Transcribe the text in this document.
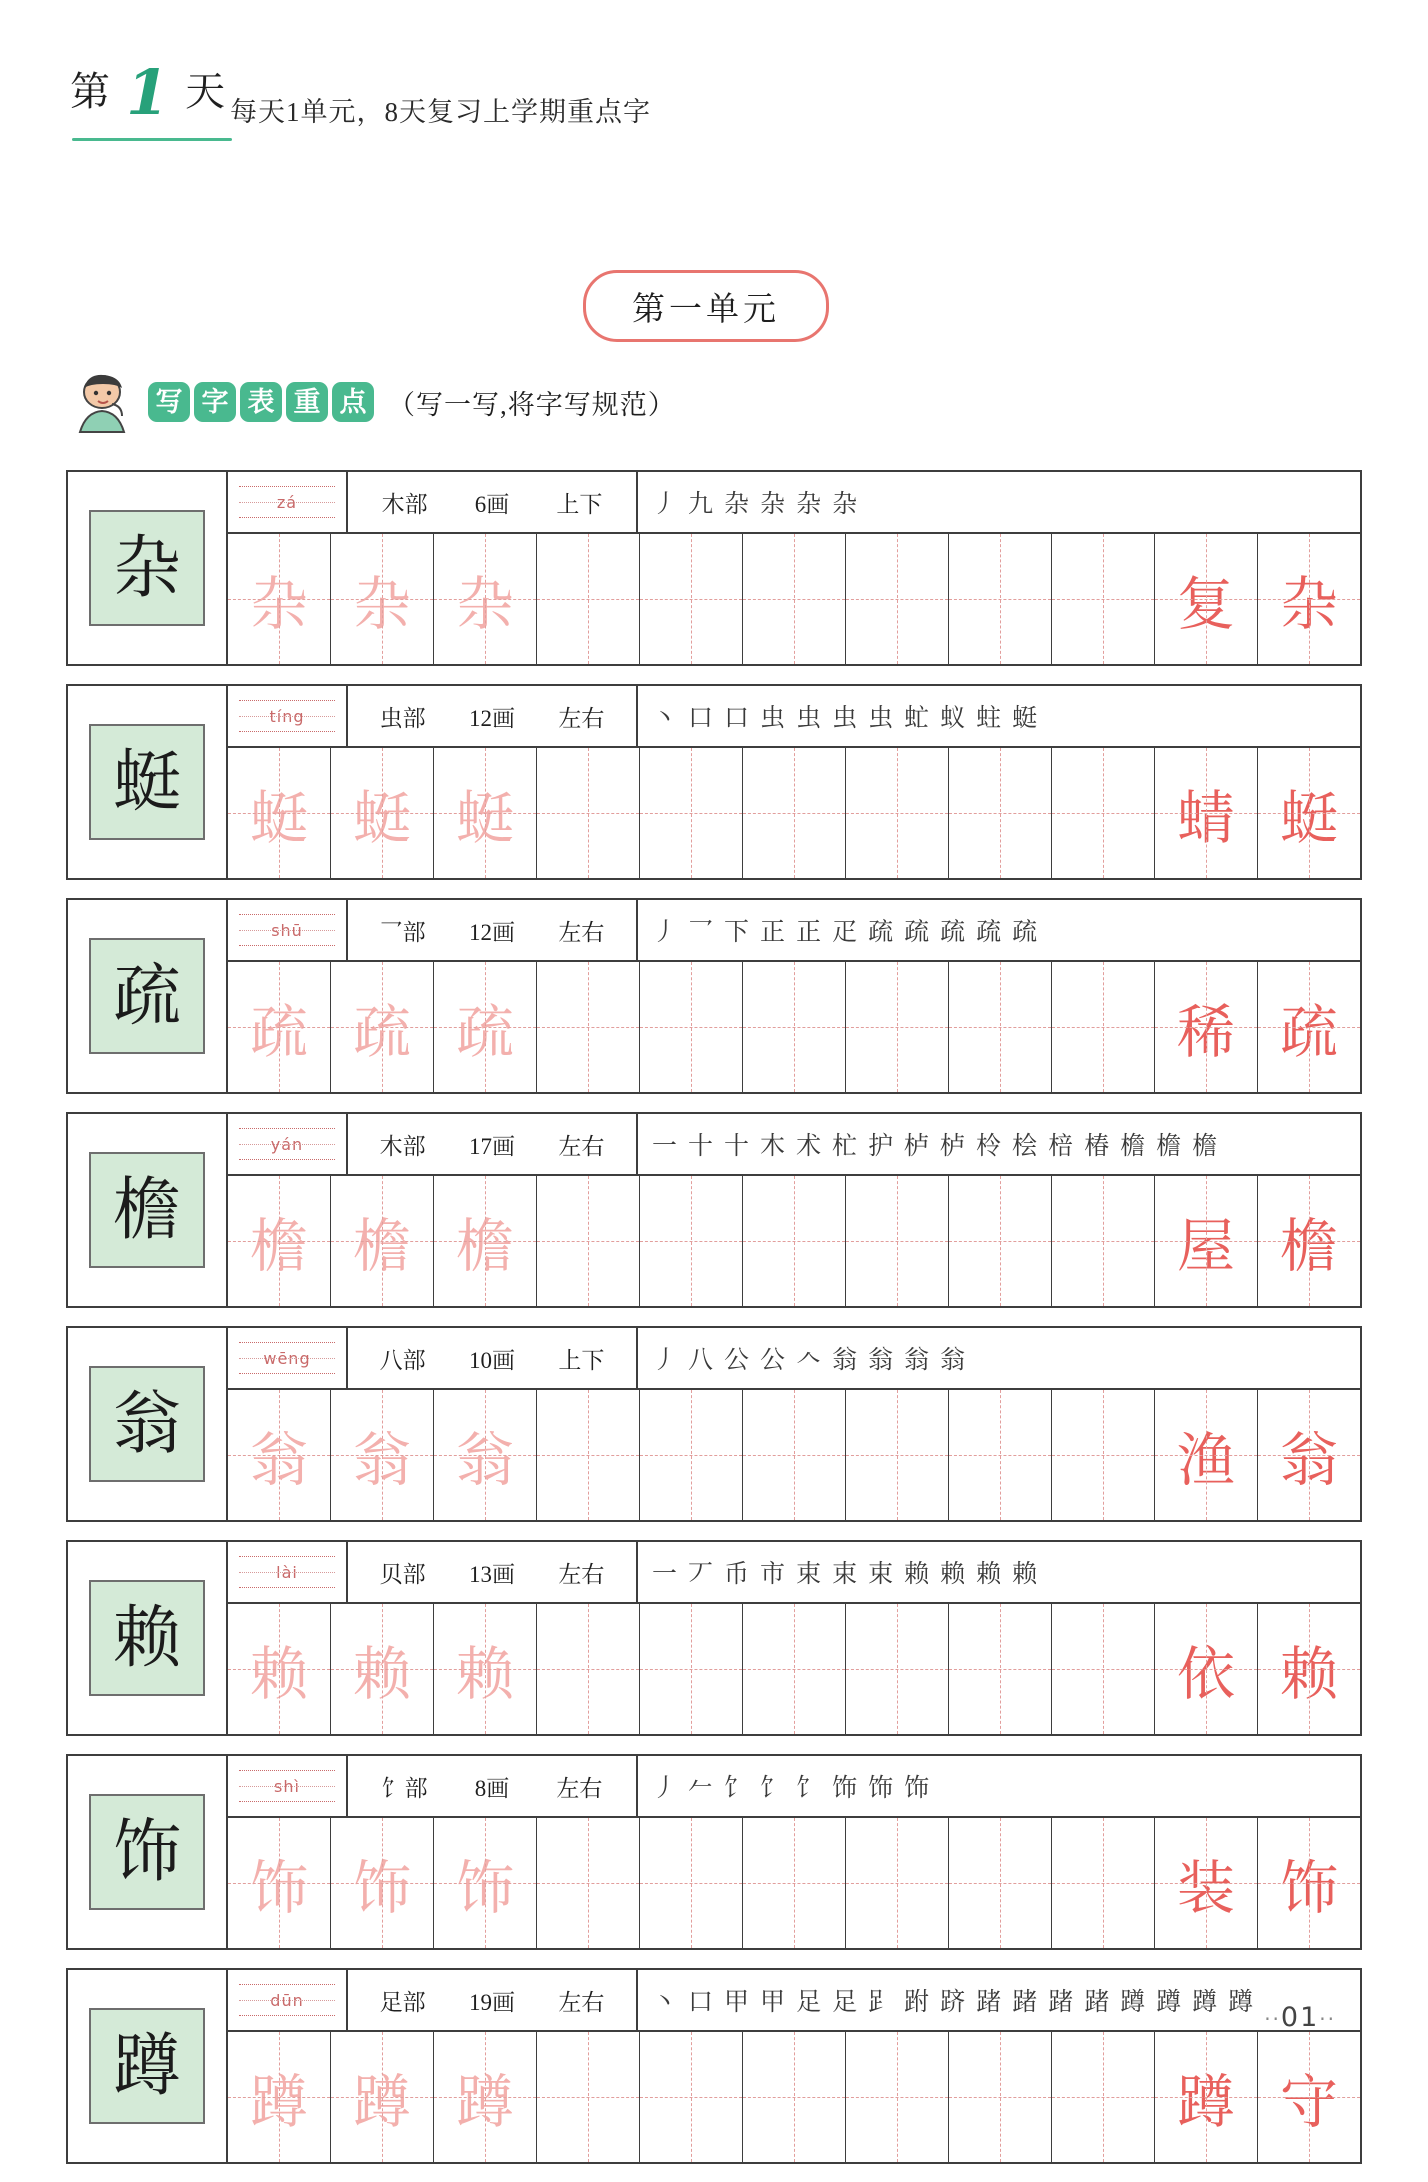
第 1 天 每天1单元，8天复习上学期重点字
第一单元
写 字 表 重 点 （写一写,将字写规范）
杂
zá	木部 6画 上下 丿 九 杂 杂 杂 杂
杂 杂 杂	复 杂
蜓
tíng	虫部 12画 左右 丶 口 口 虫 虫 虫 虫 虻 蚁 蛀 蜓
蜓 蜓 蜓	蜻 蜓
疏
shū	乛部 12画 左右 丿 乛 下 正 正 疋 疏 疏 疏 疏 疏
疏 疏 疏	稀 疏
檐
yán	木部 17画 左右 一 十 十 木 术 杧 护 栌 栌 柃 桧 棓 椿 檐 檐 檐
檐 檐 檐	屋 檐
翁
wēng	八部 10画 上下 丿 八 公 公 𠆢 翁 翁 翁 翁
翁 翁 翁	渔 翁
赖
lài	贝部 13画 左右 一 丆 币 市 束 束 束 赖 赖 赖 赖
赖 赖 赖	依 赖
饰
shì	饣部 8画 左右 丿 𠂉 饣 饣 饣 饰 饰 饰
饰 饰 饰	装 饰
蹲
dūn	足部 19画 左右 丶 口 甲 甲 足 足 𧾷 跗 跻 踷 踷 踷 踷 蹲 蹲 蹲 蹲
蹲 蹲 蹲	蹲 守
··01··
